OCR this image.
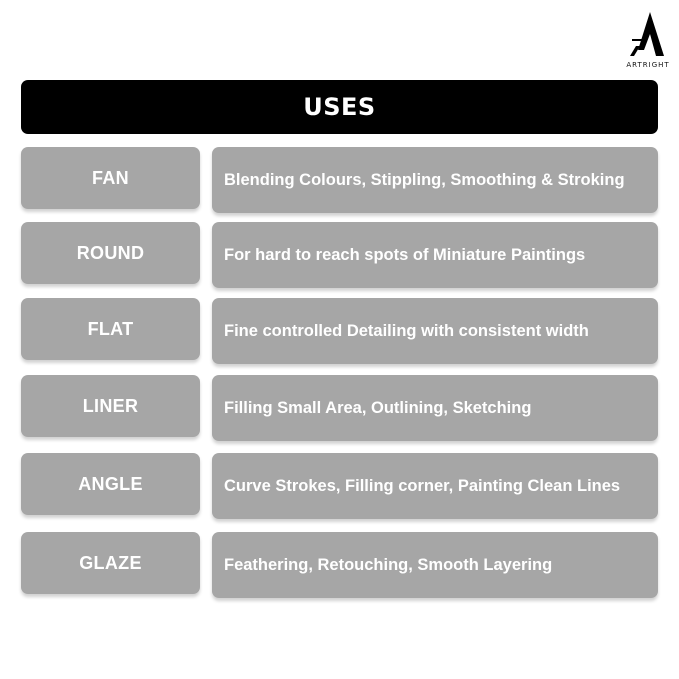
ARTRIGHT
USES
FAN	Blending Colours, Stippling, Smoothing & Stroking
ROUND	For hard to reach spots of Miniature Paintings
FLAT	Fine controlled Detailing with consistent width
LINER	Filling Small Area, Outlining, Sketching
ANGLE	Curve Strokes, Filling corner, Painting Clean Lines
GLAZE	Feathering, Retouching, Smooth Layering
